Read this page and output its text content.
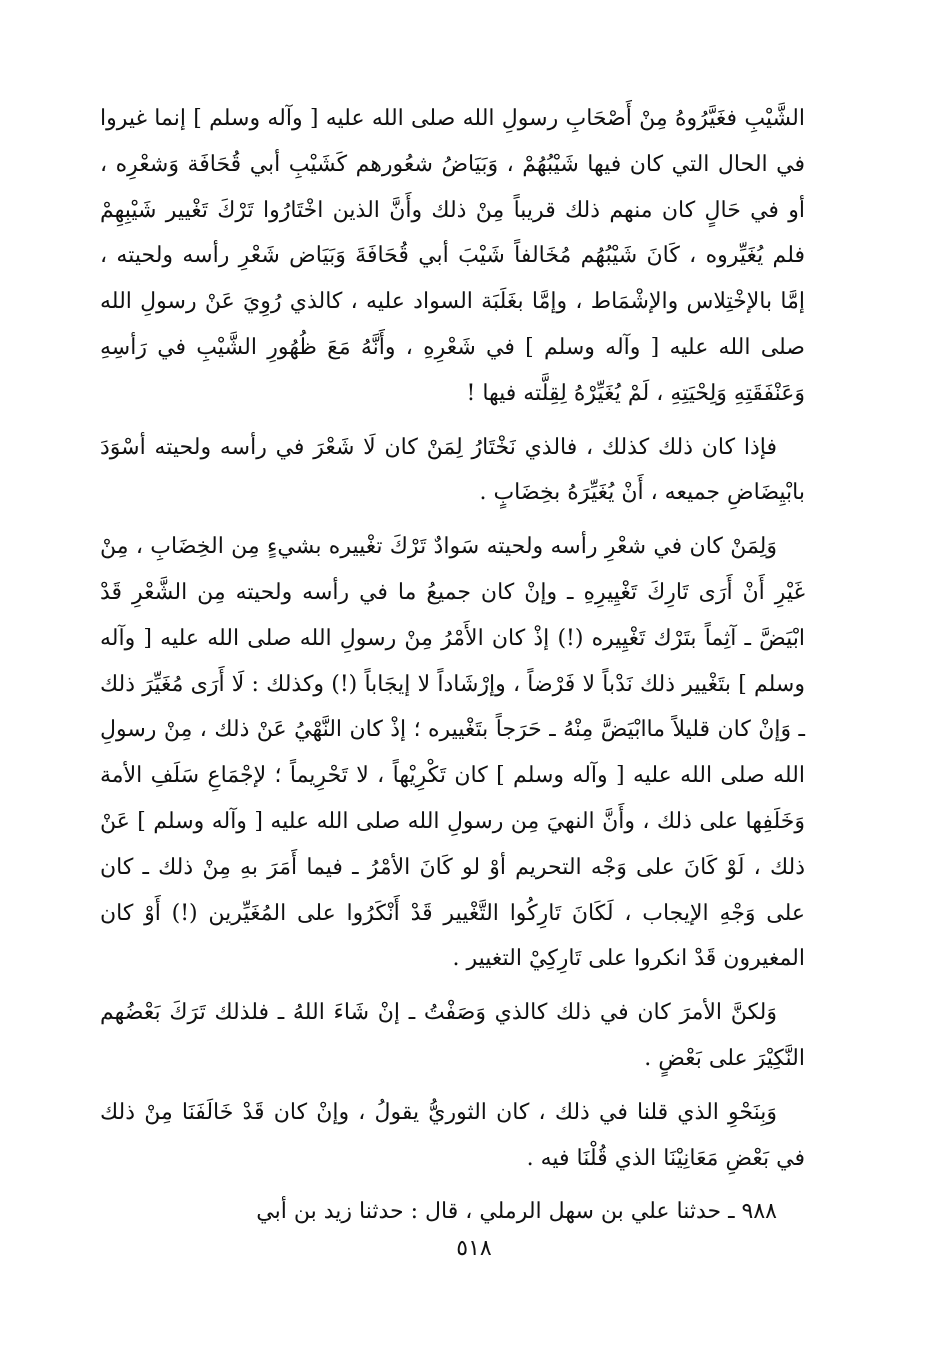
الشَّيْبِ فغَيَّرُوهُ مِنْ أَصْحَابِ رسولِ الله صلى الله عليه [ وآله وسلم ] إنما غيروا في الحال التي كان فيها شَيْبُهُمْ ، وَبَيَاضُ شعُورهم كَشَيْبِ أبي قُحَافَة وَشعْرِه ، أو في حَالٍ كان منهم ذلك قريباً مِنْ ذلك وأَنَّ الذين اخْتَارُوا تَرْكَ تَغْيير شَيْبِهِمْ فلم يُغَيِّروه ، كَانَ شَيْبُهُم مُخَالفاً شَيْبَ أبي قُحَافَةَ وَبَيَاض شَعْرِ رأسه ولحيته ، إمَّا بالإخْتِلاس والإشْمَاط ، وإمَّا بغَلَبَة السواد عليه ، كالذي رُوِيَ عَنْ رسولِ الله صلى الله عليه [ وآله وسلم ] في شَعْرِهِ ، وأَنَّهُ مَعَ ظُهُورِ الشَّيْبِ في رَأسِهِ وَعَنْفَقَتِهِ وَلِحْيَتِهِ ، لَمْ يُغَيِّرْهُ لِقِلَّته فيها !

فإذا كان ذلك كذلك ، فالذي نَخْتَارُ لِمَنْ كان لَا شَعْرَ في رأسه ولحيته أسْوَدَ بابْيِضَاضِ جميعه ، أَنْ يُغَيِّرَهُ بخِضَابٍ .

وَلِمَنْ كان في شعْرِ رأسه ولحيته سَوادٌ تَرْكَ تغْييره بشيءٍ مِن الخِضَابِ ، مِنْ غَيْرِ أَنْ أَرَى تَارِكَ تَغْيِيرِهِ ـ وإنْ كان جميعُ ما في رأسه ولحيته مِن الشَّعْرِ قَدْ ابْيَضَّ ـ آثِماً بتَرْك تَغْيِيره (!) إذْ كان الأَمْرُ مِنْ رسولِ الله صلى الله عليه [ وآله وسلم ] بتَغْيير ذلك نَدْباً لا فَرْضاً ، وإرْشَاداً لا إيجَاباً (!) وكذلك : لَا أَرَى مُغَيِّرَ ذلك ـ وَإنْ كان قليلاً ماابْيَضَّ مِنْهُ ـ حَرَجاً بتَغْييره ؛ إذْ كان النَّهْيُ عَنْ ذلك ، مِنْ رسولِ الله صلى الله عليه [ وآله وسلم ] كان تَكْرِيْهاً ، لا تَحْرِيماً ؛ لإجْمَاعِ سَلَفِ الأمة وَخَلَفِها على ذلك ، وأَنَّ النهيَ مِن رسولِ الله صلى الله عليه [ وآله وسلم ] عَنْ ذلك ، لَوْ كَانَ على وَجْه التحريم أوْ لو كَانَ الأمْرُ ـ فيما أَمَرَ بهِ مِنْ ذلك ـ كان على وَجْهِ الإيجاب ، لَكَانَ تَارِكُوا التَّغْيير قَدْ أَنْكَرُوا على المُغَيِّرين (!) أَوْ كان المغيرون قَدْ انكروا على تَارِكِيْ التغيير .

وَلكنَّ الأمرَ كان في ذلك كالذي وَصَفْتُ ـ إنْ شَاءَ اللهُ ـ فلذلك تَرَكَ بَعْضُهم النَّكِيْرَ على بَعْضٍ .

وَبِنَحْوِ الذي قلنا في ذلك ، كان الثوريُّ يقولُ ، وإنْ كان قَدْ خَالَفَنَا مِنْ ذلك في بَعْضِ مَعَانِيْنَا الذي قُلْنَا فيه .

٩٨٨ ـ حدثنا علي بن سهل الرملي ، قال : حدثنا زيد بن أبي

٥١٨
